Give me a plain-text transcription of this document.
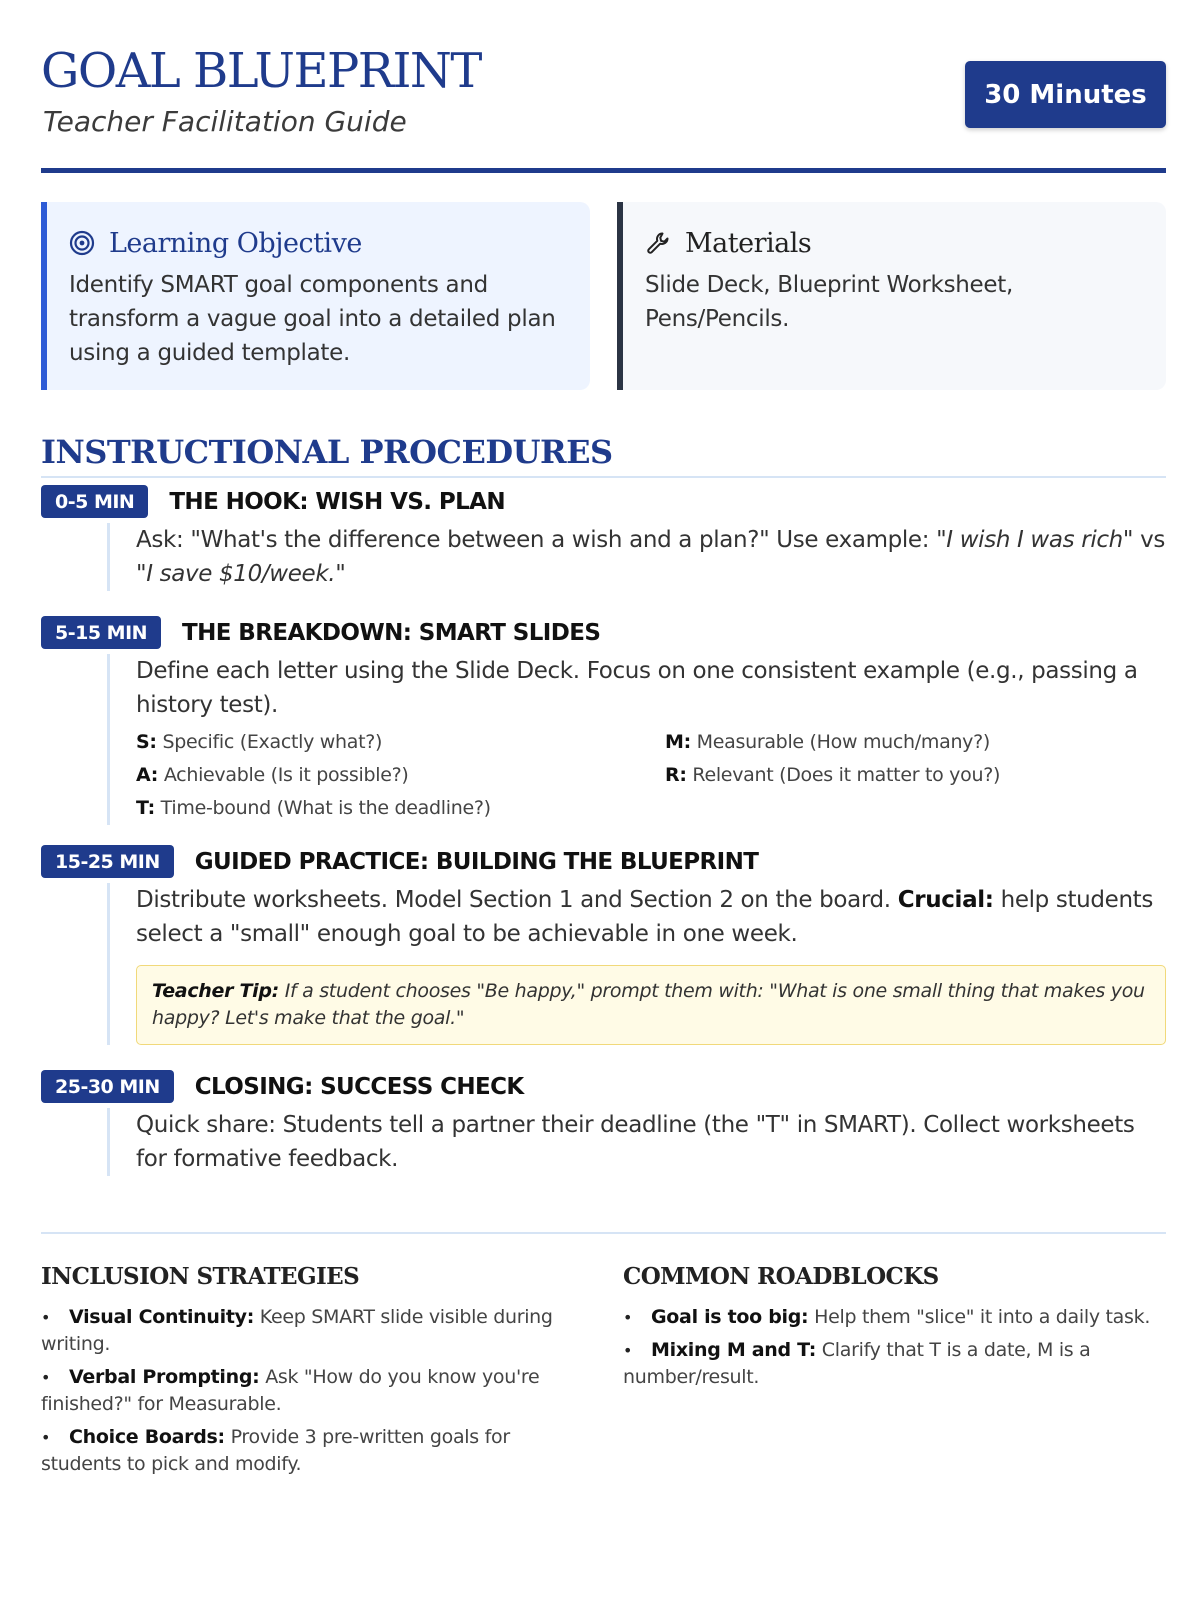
GOAL BLUEPRINT
Teacher Facilitation Guide
30 Minutes
Learning Objective
Identify SMART goal components and transform a vague goal into a detailed plan using a guided template.
Materials
Slide Deck, Blueprint Worksheet, Pens/Pencils.
INSTRUCTIONAL PROCEDURES
0-5 MIN	THE HOOK: WISH VS. PLAN

Ask: "What's the difference between a wish and a plan?" Use example: "I wish I was rich" vs "I save $10/week."

5-15 MIN	THE BREAKDOWN: SMART SLIDES

Define each letter using the Slide Deck. Focus on one consistent example (e.g., passing a history test).

S: Specific (Exactly what?)	M: Measurable (How much/many?)
A: Achievable (Is it possible?)	R: Relevant (Does it matter to you?)
T: Time-bound (What is the deadline?)
15-25 MIN	GUIDED PRACTICE: BUILDING THE BLUEPRINT

Distribute worksheets. Model Section 1 and Section 2 on the board. Crucial: help students select a "small" enough goal to be achievable in one week.

Teacher Tip: If a student chooses "Be happy," prompt them with: "What is one small thing that makes you happy? Let's make that the goal."
25-30 MIN	CLOSING: SUCCESS CHECK

Quick share: Students tell a partner their deadline (the "T" in SMART). Collect worksheets for formative feedback.

INCLUSION STRATEGIES
• Visual Continuity: Keep SMART slide visible during writing.
• Verbal Prompting: Ask "How do you know you're finished?" for Measurable.
• Choice Boards: Provide 3 pre-written goals for students to pick and modify.
COMMON ROADBLOCKS
• Goal is too big: Help them "slice" it into a daily task.
• Mixing M and T: Clarify that T is a date, M is a number/result.
